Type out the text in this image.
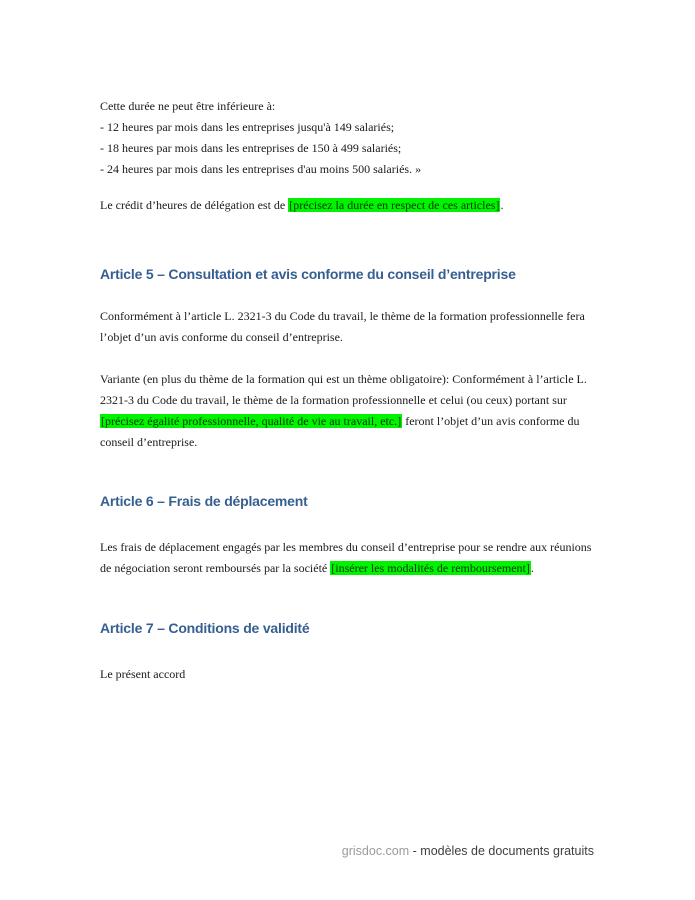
Cette durée ne peut être inférieure à:
- 12 heures par mois dans les entreprises jusqu'à 149 salariés;
- 18 heures par mois dans les entreprises de 150 à 499 salariés;
- 24 heures par mois dans les entreprises d'au moins 500 salariés. »

Le crédit d’heures de délégation est de [précisez la durée en respect de ces articles].

Article 5 – Consultation et avis conforme du conseil d’entreprise

Conformément à l’article L. 2321-3 du Code du travail, le thème de la formation professionnelle fera l’objet d’un avis conforme du conseil d’entreprise.

Variante (en plus du thème de la formation qui est un thème obligatoire): Conformément à l’article L. 2321-3 du Code du travail, le thème de la formation professionnelle et celui (ou ceux) portant sur [précisez égalité professionnelle, qualité de vie au travail, etc.] feront l’objet d’un avis conforme du conseil d’entreprise.

Article 6 – Frais de déplacement

Les frais de déplacement engagés par les membres du conseil d’entreprise pour se rendre aux réunions de négociation seront remboursés par la société [insérer les modalités de remboursement].

Article 7 – Conditions de validité

Le présent accord

grisdoc.com - modèles de documents gratuits
